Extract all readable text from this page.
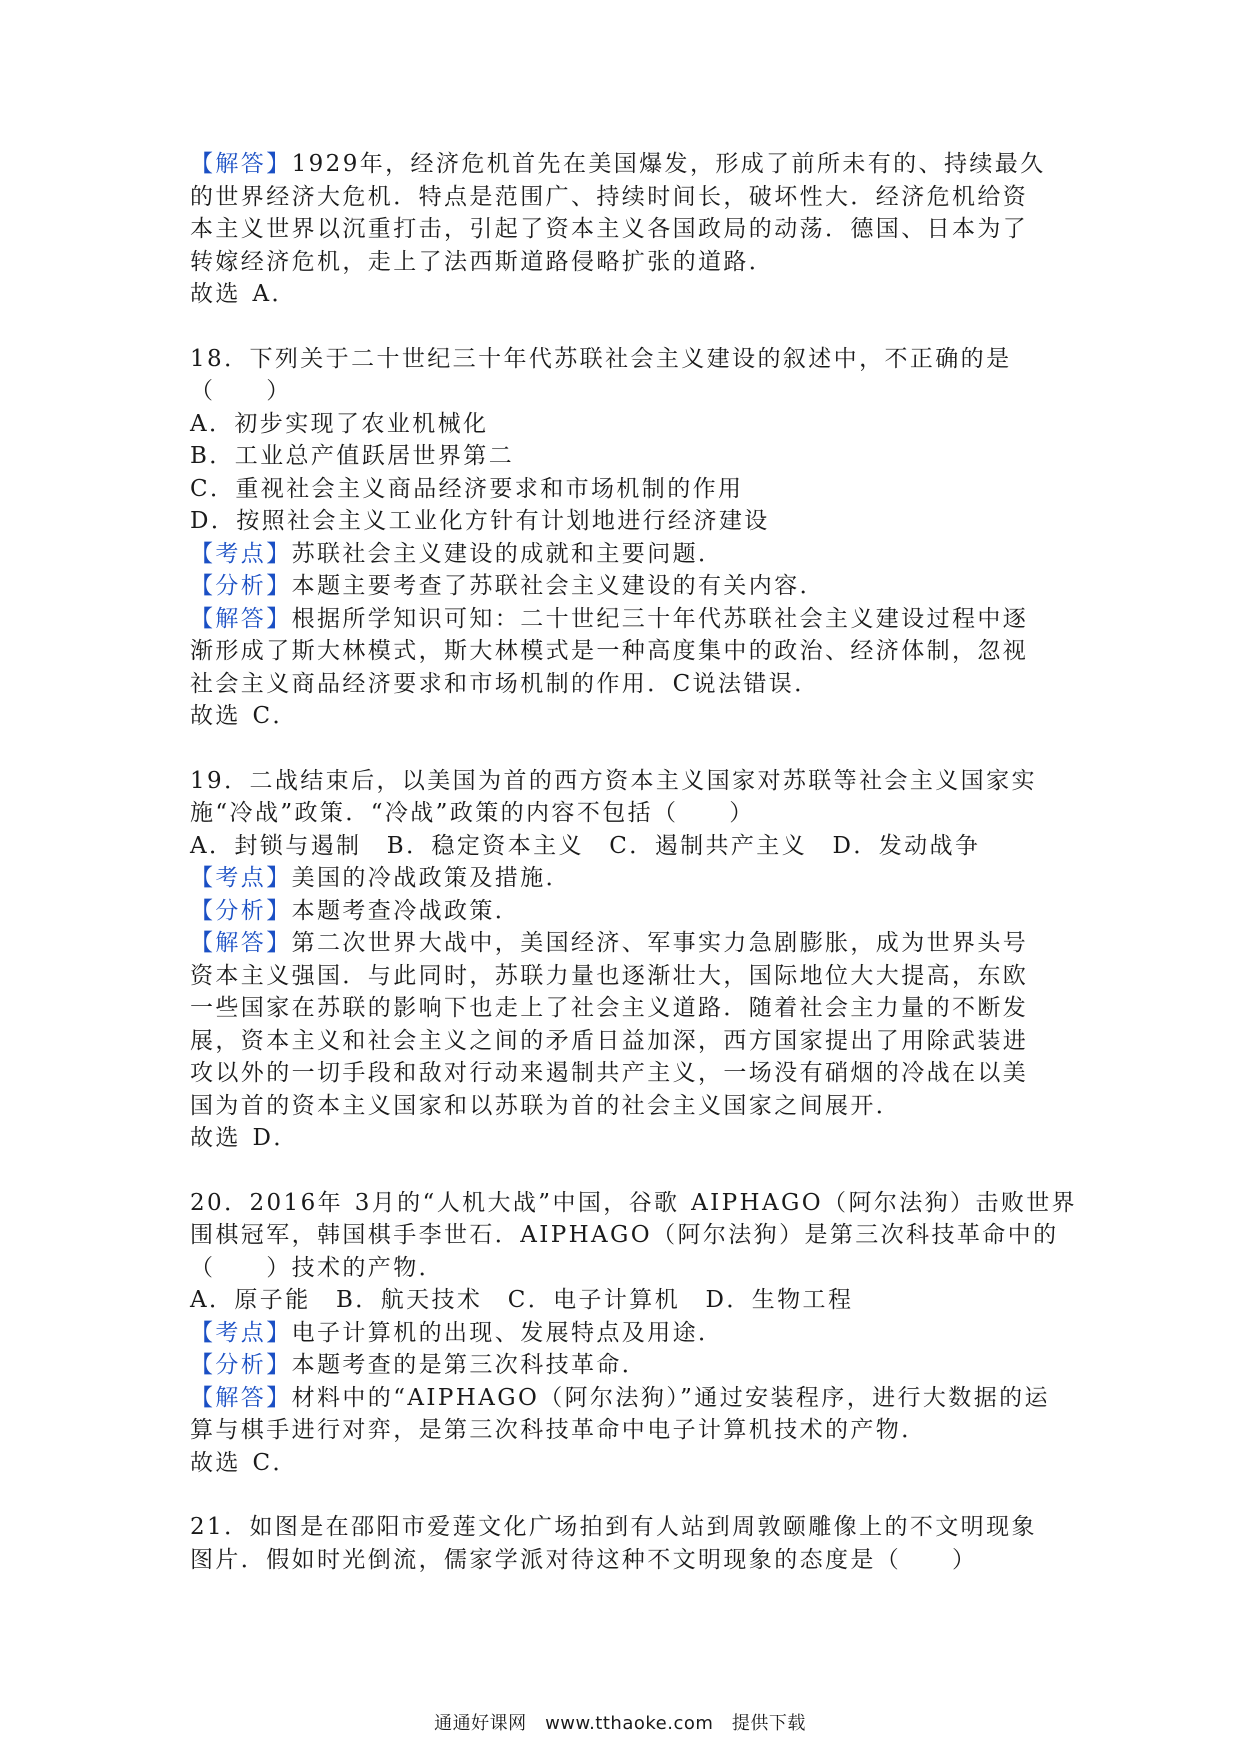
【解答】1929年，经济危机首先在美国爆发，形成了前所未有的、持续最久
的世界经济大危机．特点是范围广、持续时间长，破坏性大．经济危机给资
本主义世界以沉重打击，引起了资本主义各国政局的动荡．德国、日本为了
转嫁经济危机，走上了法西斯道路侵略扩张的道路．
故选 A．
18．下列关于二十世纪三十年代苏联社会主义建设的叙述中，不正确的是
（　　）
A．初步实现了农业机械化
B．工业总产值跃居世界第二
C．重视社会主义商品经济要求和市场机制的作用
D．按照社会主义工业化方针有计划地进行经济建设
【考点】苏联社会主义建设的成就和主要问题．
【分析】本题主要考查了苏联社会主义建设的有关内容．
【解答】根据所学知识可知：二十世纪三十年代苏联社会主义建设过程中逐
渐形成了斯大林模式，斯大林模式是一种高度集中的政治、经济体制，忽视
社会主义商品经济要求和市场机制的作用．C说法错误．
故选 C．
19．二战结束后，以美国为首的西方资本主义国家对苏联等社会主义国家实
施“冷战”政策．“冷战”政策的内容不包括（　　）
A．封锁与遏制　B．稳定资本主义　C．遏制共产主义　D．发动战争
【考点】美国的冷战政策及措施．
【分析】本题考查冷战政策．
【解答】第二次世界大战中，美国经济、军事实力急剧膨胀，成为世界头号
资本主义强国．与此同时，苏联力量也逐渐壮大，国际地位大大提高，东欧
一些国家在苏联的影响下也走上了社会主义道路．随着社会主力量的不断发
展，资本主义和社会主义之间的矛盾日益加深，西方国家提出了用除武装进
攻以外的一切手段和敌对行动来遏制共产主义，一场没有硝烟的冷战在以美
国为首的资本主义国家和以苏联为首的社会主义国家之间展开．
故选 D．
20．2016年 3月的“人机大战”中国，谷歌 AIPHAGO（阿尔法狗）击败世界
围棋冠军，韩国棋手李世石．AIPHAGO（阿尔法狗）是第三次科技革命中的
（　　）技术的产物．
A．原子能　B．航天技术　C．电子计算机　D．生物工程
【考点】电子计算机的出现、发展特点及用途．
【分析】本题考查的是第三次科技革命．
【解答】材料中的“AIPHAGO（阿尔法狗）”通过安装程序，进行大数据的运
算与棋手进行对弈，是第三次科技革命中电子计算机技术的产物．
故选 C．
21．如图是在邵阳市爱莲文化广场拍到有人站到周敦颐雕像上的不文明现象
图片．假如时光倒流，儒家学派对待这种不文明现象的态度是（　　）
通通好课网　www.tthaoke.com　提供下载
